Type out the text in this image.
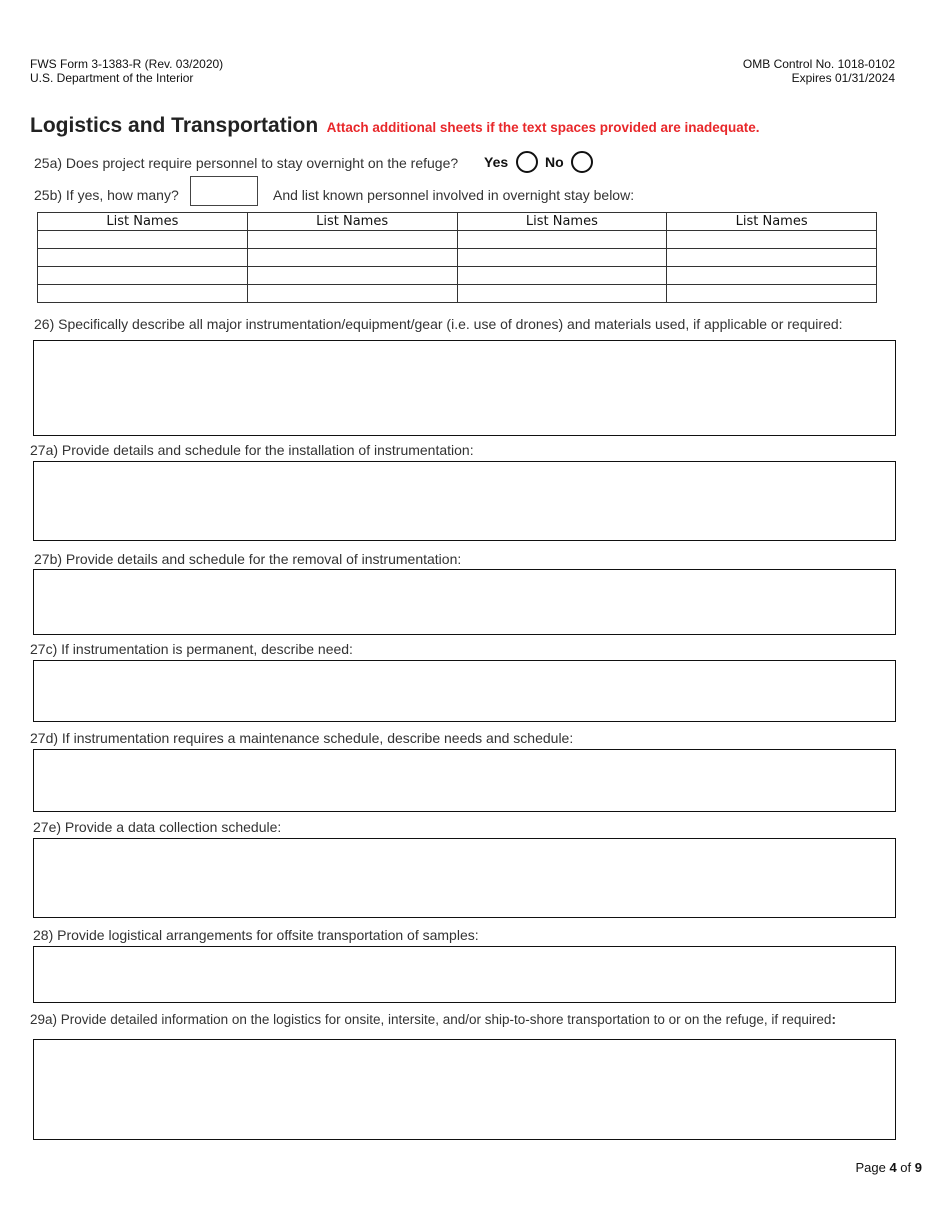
FWS Form 3-1383-R (Rev. 03/2020)
U.S. Department of the Interior
OMB Control No. 1018-0102
Expires 01/31/2024
Logistics and Transportation Attach additional sheets if the text spaces provided are inadequate.
25a) Does project require personnel to stay overnight on the refuge? Yes	No
25b) If yes, how many?	And list known personnel involved in overnight stay below:
List Names	List Names	List Names	List Names

26) Specifically describe all major instrumentation/equipment/gear (i.e. use of drones) and materials used, if applicable or required:
27a) Provide details and schedule for the installation of instrumentation:
27b) Provide details and schedule for the removal of instrumentation:
27c) If instrumentation is permanent, describe need:
27d) If instrumentation requires a maintenance schedule, describe needs and schedule:
27e) Provide a data collection schedule:
28) Provide logistical arrangements for offsite transportation of samples:
29a) Provide detailed information on the logistics for onsite, intersite, and/or ship-to-shore transportation to or on the refuge, if required:
Page 4 of 9
